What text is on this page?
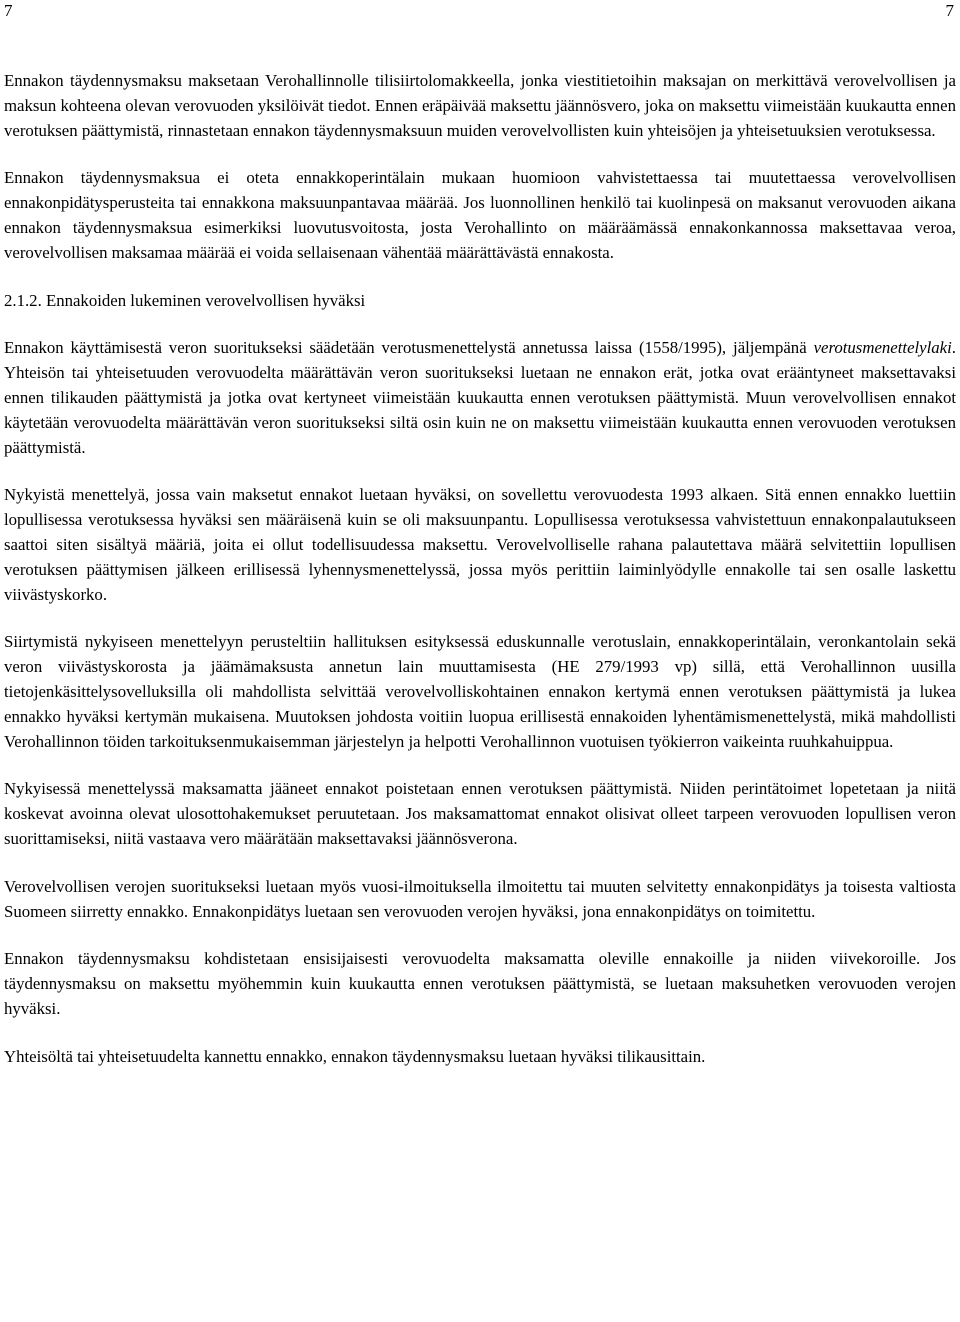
7	7

Ennakon täydennysmaksu maksetaan Verohallinnolle tilisiirtolomakkeella, jonka viestitietoihin maksajan on merkittävä verovelvollisen ja maksun kohteena olevan verovuoden yksilöivät tiedot. Ennen eräpäivää maksettu jäännösvero, joka on maksettu viimeistään kuukautta ennen verotuksen päättymistä, rinnastetaan ennakon täydennysmaksuun muiden verovelvollisten kuin yhteisöjen ja yhteisetuuksien verotuksessa.

Ennakon täydennysmaksua ei oteta ennakkoperintälain mukaan huomioon vahvistettaessa tai muutettaessa verovelvollisen ennakonpidätysperusteita tai ennakkona maksuunpantavaa määrää. Jos luonnollinen henkilö tai kuolinpesä on maksanut verovuoden aikana ennakon täydennysmaksua esimerkiksi luovutusvoitosta, josta Verohallinto on määräämässä ennakonkannossa maksettavaa veroa, verovelvollisen maksamaa määrää ei voida sellaisenaan vähentää määrättävästä ennakosta.

2.1.2. Ennakoiden lukeminen verovelvollisen hyväksi

Ennakon käyttämisestä veron suoritukseksi säädetään verotusmenettelystä annetussa laissa (1558/1995), jäljempänä verotusmenettelylaki. Yhteisön tai yhteisetuuden verovuodelta määrättävän veron suoritukseksi luetaan ne ennakon erät, jotka ovat erääntyneet maksettavaksi ennen tilikauden päättymistä ja jotka ovat kertyneet viimeistään kuukautta ennen verotuksen päättymistä. Muun verovelvollisen ennakot käytetään verovuodelta määrättävän veron suoritukseksi siltä osin kuin ne on maksettu viimeistään kuukautta ennen verovuoden verotuksen päättymistä.

Nykyistä menettelyä, jossa vain maksetut ennakot luetaan hyväksi, on sovellettu verovuodesta 1993 alkaen. Sitä ennen ennakko luettiin lopullisessa verotuksessa hyväksi sen määräisenä kuin se oli maksuunpantu. Lopullisessa verotuksessa vahvistettuun ennakonpalautukseen saattoi siten sisältyä määriä, joita ei ollut todellisuudessa maksettu. Verovelvolliselle rahana palautettava määrä selvitettiin lopullisen verotuksen päättymisen jälkeen erillisessä lyhennysmenettelyssä, jossa myös perittiin laiminlyödylle ennakolle tai sen osalle laskettu viivästyskorko.

Siirtymistä nykyiseen menettelyyn perusteltiin hallituksen esityksessä eduskunnalle verotuslain, ennakkoperintälain, veronkantolain sekä veron viivästyskorosta ja jäämämaksusta annetun lain muuttamisesta (HE 279/1993 vp) sillä, että Verohallinnon uusilla tietojenkäsittelysovelluksilla oli mahdollista selvittää verovelvolliskohtainen ennakon kertymä ennen verotuksen päättymistä ja lukea ennakko hyväksi kertymän mukaisena. Muutoksen johdosta voitiin luopua erillisestä ennakoiden lyhentämismenettelystä, mikä mahdollisti Verohallinnon töiden tarkoituksenmukaisemman järjestelyn ja helpotti Verohallinnon vuotuisen työkierron vaikeinta ruuhkahuippua.

Nykyisessä menettelyssä maksamatta jääneet ennakot poistetaan ennen verotuksen päättymistä. Niiden perintätoimet lopetetaan ja niitä koskevat avoinna olevat ulosottohakemukset peruutetaan. Jos maksamattomat ennakot olisivat olleet tarpeen verovuoden lopullisen veron suorittamiseksi, niitä vastaava vero määrätään maksettavaksi jäännösverona.

Verovelvollisen verojen suoritukseksi luetaan myös vuosi-ilmoituksella ilmoitettu tai muuten selvitetty ennakonpidätys ja toisesta valtiosta Suomeen siirretty ennakko. Ennakonpidätys luetaan sen verovuoden verojen hyväksi, jona ennakonpidätys on toimitettu.

Ennakon täydennysmaksu kohdistetaan ensisijaisesti verovuodelta maksamatta oleville ennakoille ja niiden viivekoroille. Jos täydennysmaksu on maksettu myöhemmin kuin kuukautta ennen verotuksen päättymistä, se luetaan maksuhetken verovuoden verojen hyväksi.

Yhteisöltä tai yhteisetuudelta kannettu ennakko, ennakon täydennysmaksu luetaan hyväksi tilikausittain.
